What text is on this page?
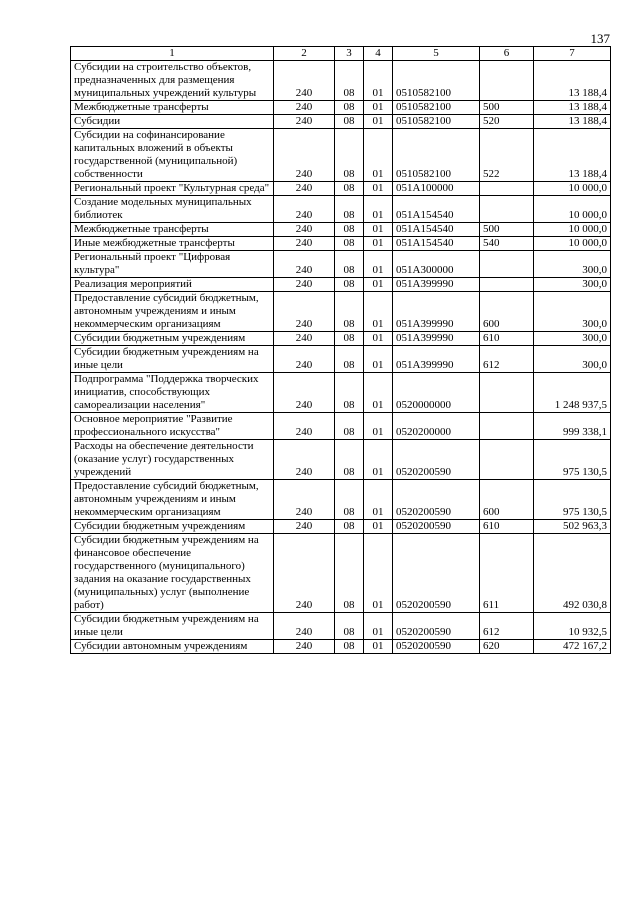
137
1	2	3	4	5	6	7
Субсидии на строительство объектов, предназначенных для размещения муниципальных учреждений культуры	240	08	01	0510582100		13 188,4
Межбюджетные трансферты	240	08	01	0510582100	500	13 188,4
Субсидии	240	08	01	0510582100	520	13 188,4
Субсидии на софинансирование капитальных вложений в объекты государственной (муниципальной) собственности	240	08	01	0510582100	522	13 188,4
Региональный проект "Культурная среда"	240	08	01	051A100000		10 000,0
Создание модельных муниципальных библиотек	240	08	01	051A154540		10 000,0
Межбюджетные трансферты	240	08	01	051A154540	500	10 000,0
Иные межбюджетные трансферты	240	08	01	051A154540	540	10 000,0
Региональный проект "Цифровая культура"	240	08	01	051A300000		300,0
Реализация мероприятий	240	08	01	051A399990		300,0
Предоставление субсидий бюджетным, автономным учреждениям и иным некоммерческим организациям	240	08	01	051A399990	600	300,0
Субсидии бюджетным учреждениям	240	08	01	051A399990	610	300,0
Субсидии бюджетным учреждениям на иные цели	240	08	01	051A399990	612	300,0
Подпрограмма "Поддержка творческих инициатив, способствующих самореализации населения"	240	08	01	0520000000		1 248 937,5
Основное мероприятие "Развитие профессионального искусства"	240	08	01	0520200000		999 338,1
Расходы на обеспечение деятельности (оказание услуг) государственных учреждений	240	08	01	0520200590		975 130,5
Предоставление субсидий бюджетным, автономным учреждениям и иным некоммерческим организациям	240	08	01	0520200590	600	975 130,5
Субсидии бюджетным учреждениям	240	08	01	0520200590	610	502 963,3
Субсидии бюджетным учреждениям на финансовое обеспечение государственного (муниципального) задания на оказание государственных (муниципальных) услуг (выполнение работ)	240	08	01	0520200590	611	492 030,8
Субсидии бюджетным учреждениям на иные цели	240	08	01	0520200590	612	10 932,5
Субсидии автономным учреждениям	240	08	01	0520200590	620	472 167,2
